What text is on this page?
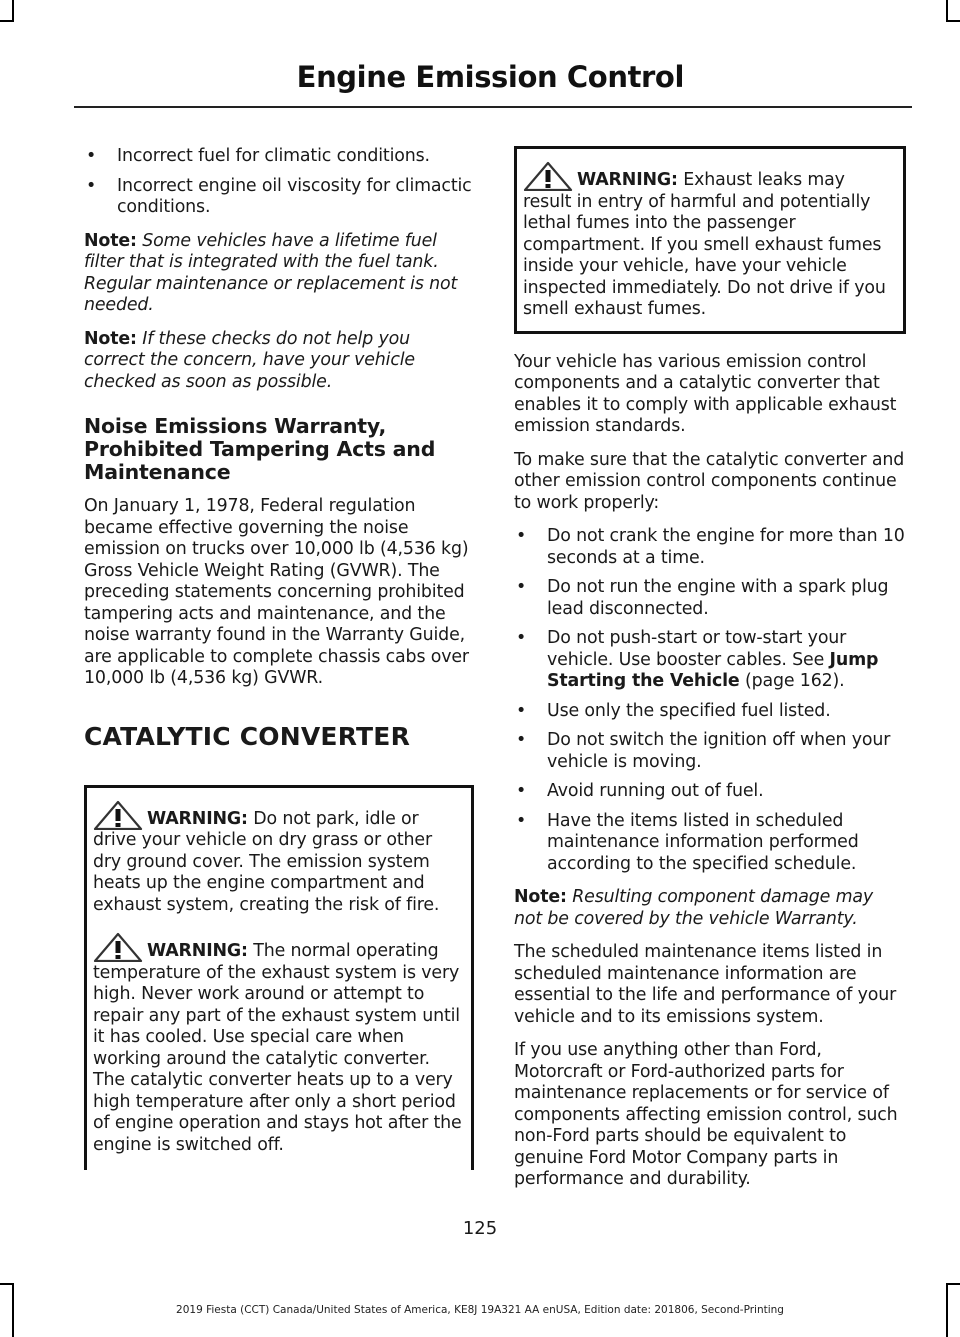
Engine Emission Control
• Incorrect fuel for climatic conditions.
• Incorrect engine oil viscosity for climactic conditions.

Note: Some vehicles have a lifetime fuel filter that is integrated with the fuel tank. Regular maintenance or replacement is not needed.

Note: If these checks do not help you correct the concern, have your vehicle checked as soon as possible.

Noise Emissions Warranty, Prohibited Tampering Acts and Maintenance

On January 1, 1978, Federal regulation became effective governing the noise emission on trucks over 10,000 lb (4,536 kg) Gross Vehicle Weight Rating (GVWR). The preceding statements concerning prohibited tampering acts and maintenance, and the noise warranty found in the Warranty Guide, are applicable to complete chassis cabs over 10,000 lb (4,536 kg) GVWR.

CATALYTIC CONVERTER

WARNING: Do not park, idle or drive your vehicle on dry grass or other dry ground cover. The emission system heats up the engine compartment and exhaust system, creating the risk of fire.

WARNING: The normal operating temperature of the exhaust system is very high. Never work around or attempt to repair any part of the exhaust system until it has cooled. Use special care when working around the catalytic converter. The catalytic converter heats up to a very high temperature after only a short period of engine operation and stays hot after the engine is switched off.

WARNING: Exhaust leaks may result in entry of harmful and potentially lethal fumes into the passenger compartment. If you smell exhaust fumes inside your vehicle, have your vehicle inspected immediately. Do not drive if you smell exhaust fumes.

Your vehicle has various emission control components and a catalytic converter that enables it to comply with applicable exhaust emission standards.

To make sure that the catalytic converter and other emission control components continue to work properly:

• Do not crank the engine for more than 10 seconds at a time.
• Do not run the engine with a spark plug lead disconnected.
• Do not push-start or tow-start your vehicle. Use booster cables. See Jump Starting the Vehicle (page 162).
• Use only the specified fuel listed.
• Do not switch the ignition off when your vehicle is moving.
• Avoid running out of fuel.
• Have the items listed in scheduled maintenance information performed according to the specified schedule.

Note: Resulting component damage may not be covered by the vehicle Warranty.

The scheduled maintenance items listed in scheduled maintenance information are essential to the life and performance of your vehicle and to its emissions system.

If you use anything other than Ford, Motorcraft or Ford-authorized parts for maintenance replacements or for service of components affecting emission control, such non-Ford parts should be equivalent to genuine Ford Motor Company parts in performance and durability.

125
2019 Fiesta (CCT) Canada/United States of America, KE8J 19A321 AA enUSA, Edition date: 201806, Second-Printing
